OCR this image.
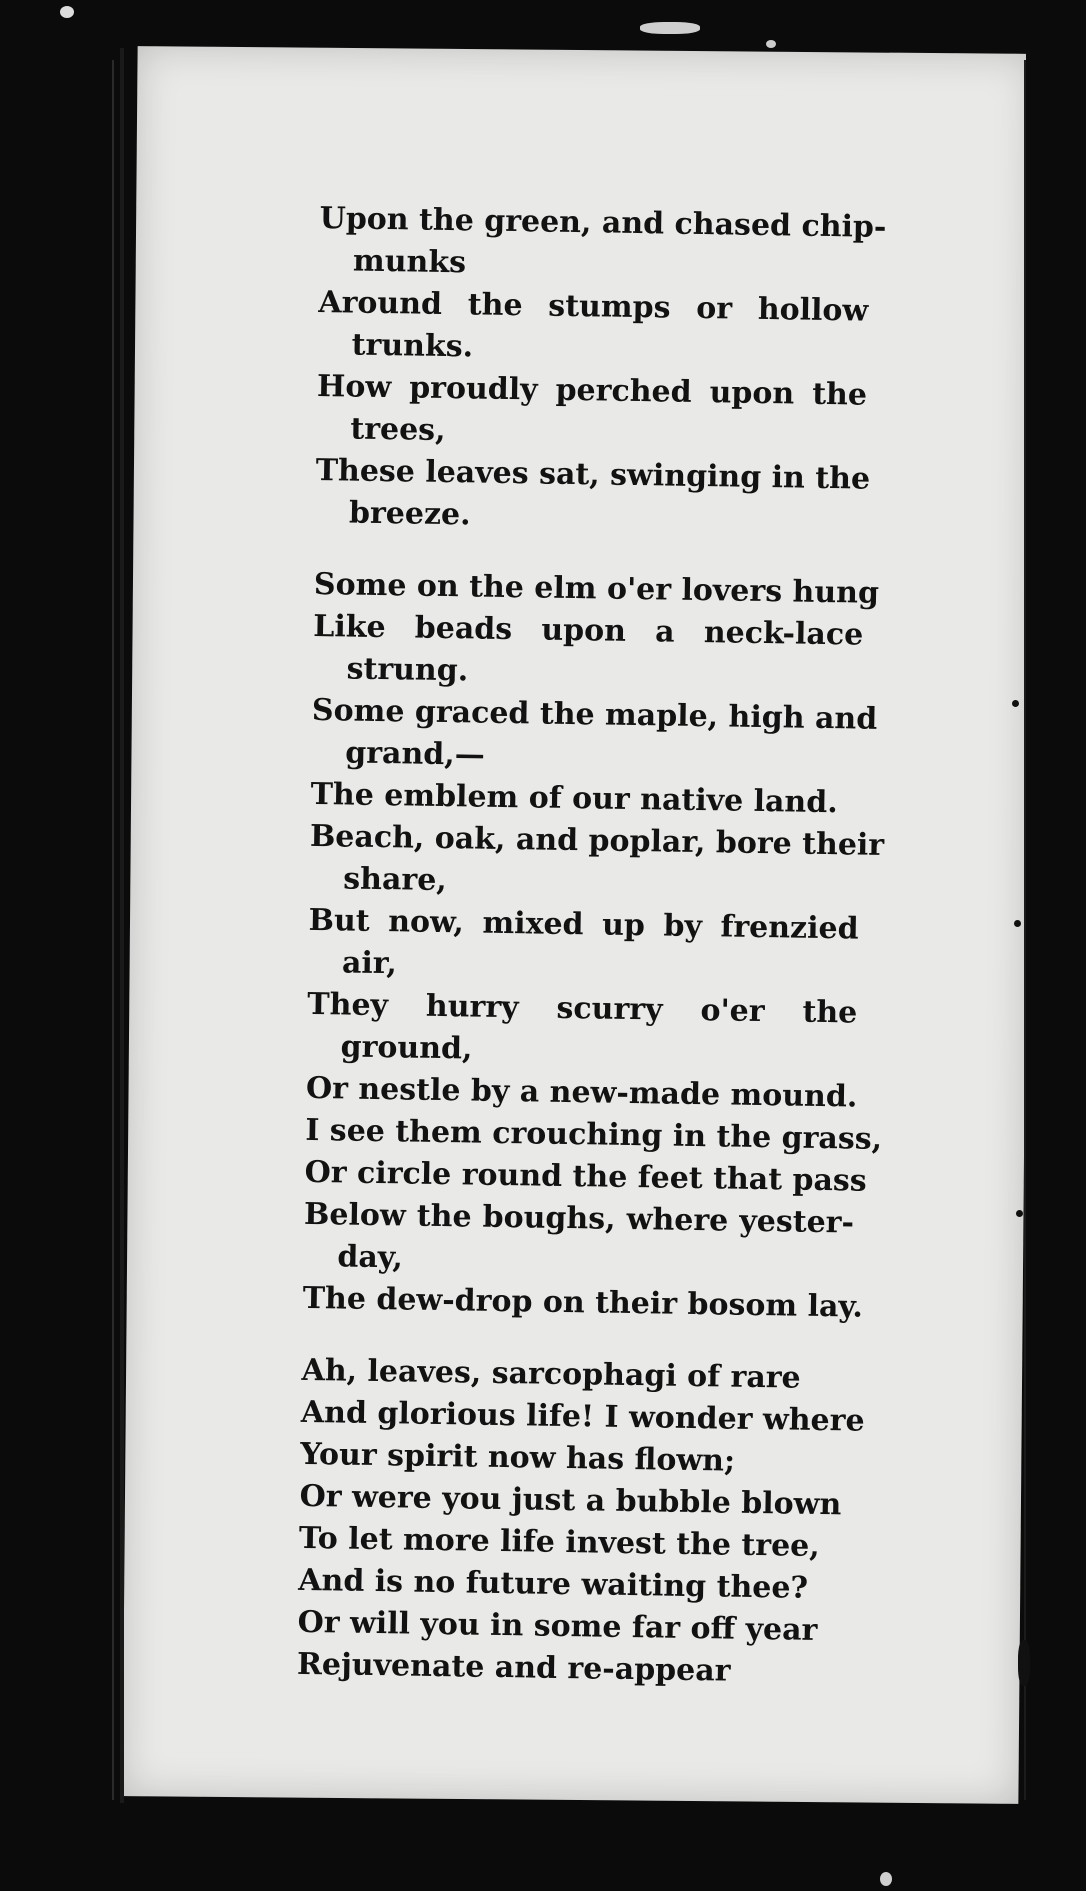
Upon the green, and chased chip-
munks
Around the stumps or hollow
trunks.
How proudly perched upon the
trees,
These leaves sat, swinging in the
breeze.
Some on the elm o'er lovers hung
Like beads upon a neck-lace
strung.
Some graced the maple, high and
grand,—
The emblem of our native land.
Beach, oak, and poplar, bore their
share,
But now, mixed up by frenzied
air,
They hurry scurry o'er the
ground,
Or nestle by a new-made mound.
I see them crouching in the grass,
Or circle round the feet that pass
Below the boughs, where yester-
day,
The dew-drop on their bosom lay.
Ah, leaves, sarcophagi of rare
And glorious life! I wonder where
Your spirit now has flown;
Or were you just a bubble blown
To let more life invest the tree,
And is no future waiting thee?
Or will you in some far off year
Rejuvenate and re-appear
